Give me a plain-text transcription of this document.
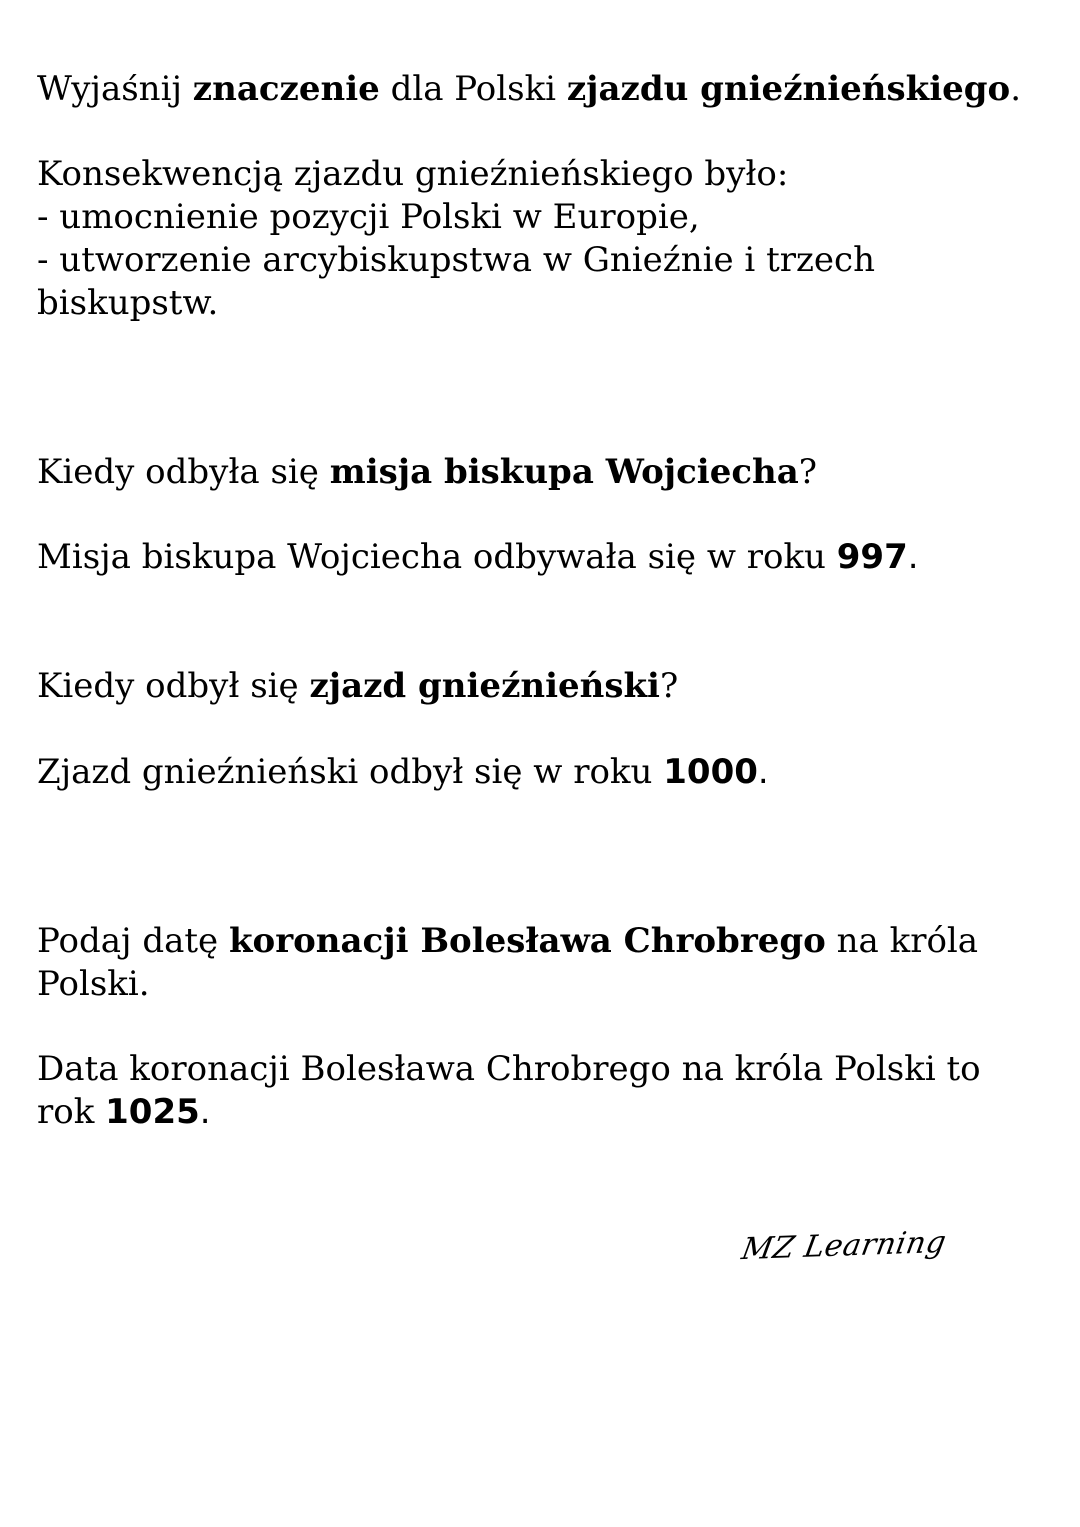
Wyjaśnij znaczenie dla Polski zjazdu gnieźnieńskiego.

Konsekwencją zjazdu gnieźnieńskiego było:
- umocnienie pozycji Polski w Europie,
- utworzenie arcybiskupstwa w Gnieźnie i trzech
biskupstw.

Kiedy odbyła się misja biskupa Wojciecha?

Misja biskupa Wojciecha odbywała się w roku 997.

Kiedy odbył się zjazd gnieźnieński?

Zjazd gnieźnieński odbył się w roku 1000.

Podaj datę koronacji Bolesława Chrobrego na króla
Polski.

Data koronacji Bolesława Chrobrego na króla Polski to
rok 1025.

MZ Learning
